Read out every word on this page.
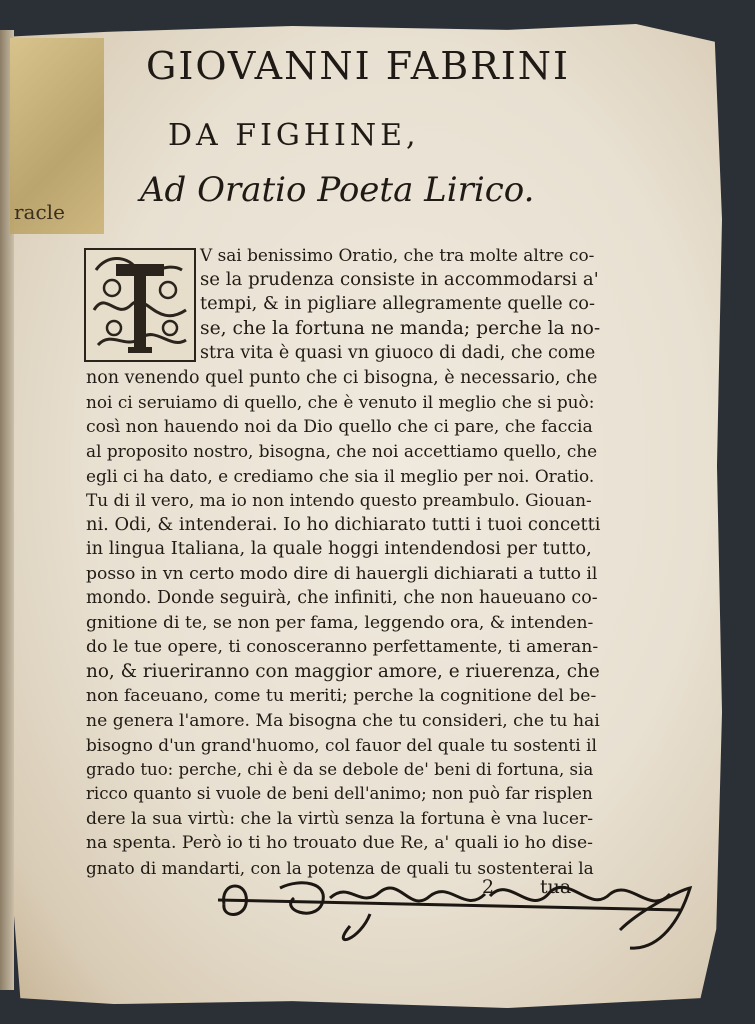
racle
GIOVANNI FABRINI
DA FIGHINE,
Ad Oratio Poeta Lirico.
V sai benissimo Oratio, che tra molte altre co-
se la prudenza consiste in accommodarsi a'
tempi, & in pigliare allegramente quelle co-
se, che la fortuna ne manda; perche la no-
stra vita è quasi vn giuoco di dadi, che come
non venendo quel punto che ci bisogna, è necessario, che
noi ci seruiamo di quello, che è venuto il meglio che si può:
così non hauendo noi da Dio quello che ci pare, che faccia
al proposito nostro, bisogna, che noi accettiamo quello, che
egli ci ha dato, e crediamo che sia il meglio per noi. Oratio.
Tu di il vero, ma io non intendo questo preambulo. Giouan-
ni. Odi, & intenderai. Io ho dichiarato tutti i tuoi concetti
in lingua Italiana, la quale hoggi intendendosi per tutto,
posso in vn certo modo dire di hauergli dichiarati a tutto il
mondo. Donde seguirà, che infiniti, che non haueuano co-
gnitione di te, se non per fama, leggendo ora, & intenden-
do le tue opere, ti conosceranno perfettamente, ti ameran-
no, & riueriranno con maggior amore, e riuerenza, che
non faceuano, come tu meriti; perche la cognitione del be-
ne genera l'amore. Ma bisogna che tu consideri, che tu hai
bisogno d'un grand'huomo, col fauor del quale tu sostenti il
grado tuo: perche, chi è da se debole de' beni di fortuna, sia
ricco quanto si vuole de beni dell'animo; non può far risplen
dere la sua virtù: che la virtù senza la fortuna è vna lucer-
na spenta. Però io ti ho trouato due Re, a' quali io ho dise-
gnato di mandarti, con la potenza de quali tu sostenterai la
2 tua
